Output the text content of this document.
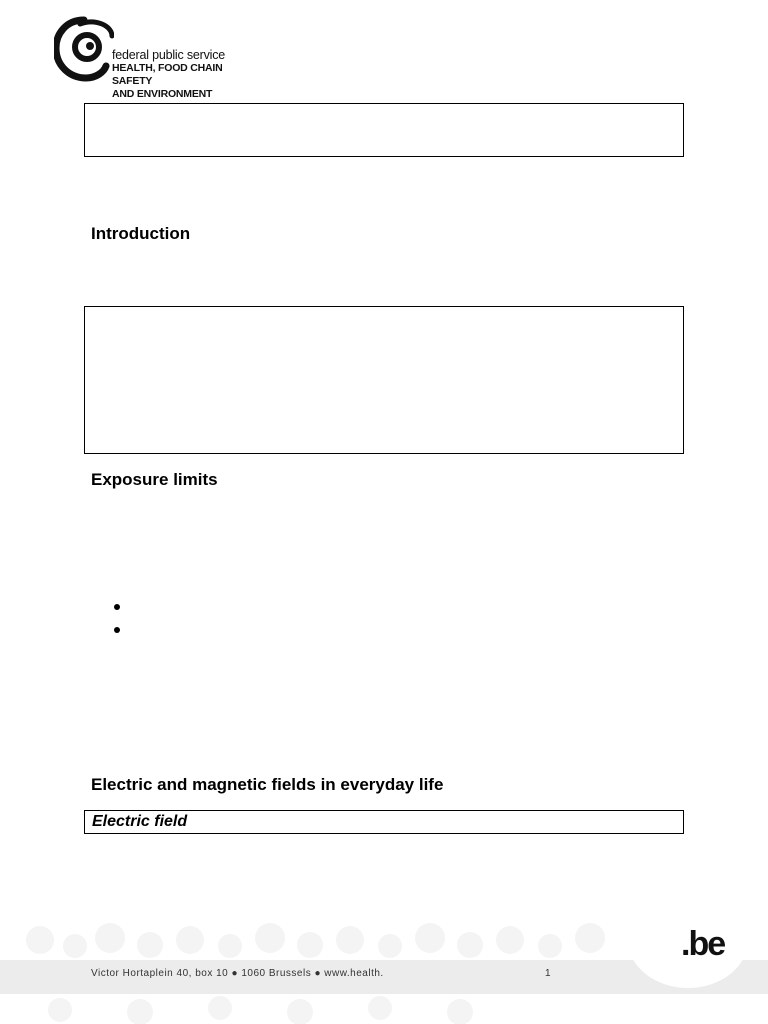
federal public service
HEALTH, FOOD CHAIN SAFETY
AND ENVIRONMENT
Introduction
Exposure limits
Electric and magnetic fields in everyday life
Electric field
.be
Victor Hortaplein 40, box 10 ● 1060 Brussels ● www.health.	1
